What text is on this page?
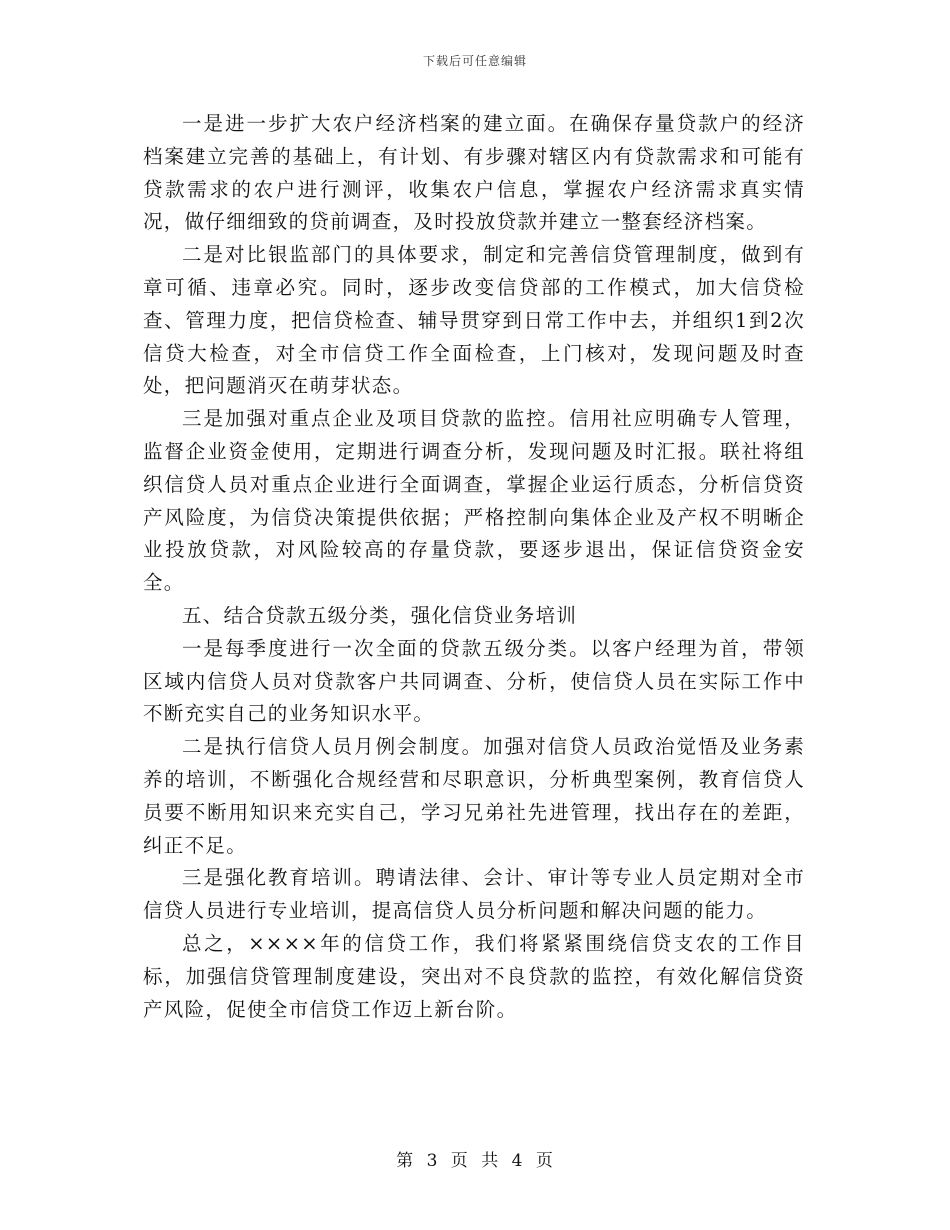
下载后可任意编辑

一是进一步扩大农户经济档案的建立面。在确保存量贷款户的经济档案建立完善的基础上，有计划、有步骤对辖区内有贷款需求和可能有贷款需求的农户进行测评，收集农户信息，掌握农户经济需求真实情况，做仔细细致的贷前调查，及时投放贷款并建立一整套经济档案。

二是对比银监部门的具体要求，制定和完善信贷管理制度，做到有章可循、违章必究。同时，逐步改变信贷部的工作模式，加大信贷检查、管理力度，把信贷检查、辅导贯穿到日常工作中去，并组织1到2次信贷大检查，对全市信贷工作全面检查，上门核对，发现问题及时查处，把问题消灭在萌芽状态。

三是加强对重点企业及项目贷款的监控。信用社应明确专人管理，监督企业资金使用，定期进行调查分析，发现问题及时汇报。联社将组织信贷人员对重点企业进行全面调查，掌握企业运行质态，分析信贷资产风险度，为信贷决策提供依据；严格控制向集体企业及产权不明晰企业投放贷款，对风险较高的存量贷款，要逐步退出，保证信贷资金安全。

五、结合贷款五级分类，强化信贷业务培训

一是每季度进行一次全面的贷款五级分类。以客户经理为首，带领区域内信贷人员对贷款客户共同调查、分析，使信贷人员在实际工作中不断充实自己的业务知识水平。

二是执行信贷人员月例会制度。加强对信贷人员政治觉悟及业务素养的培训，不断强化合规经营和尽职意识，分析典型案例，教育信贷人员要不断用知识来充实自己，学习兄弟社先进管理，找出存在的差距，纠正不足。

三是强化教育培训。聘请法律、会计、审计等专业人员定期对全市信贷人员进行专业培训，提高信贷人员分析问题和解决问题的能力。

总之，××××年的信贷工作，我们将紧紧围绕信贷支农的工作目标，加强信贷管理制度建设，突出对不良贷款的监控，有效化解信贷资产风险，促使全市信贷工作迈上新台阶。

第 3 页 共 4 页
